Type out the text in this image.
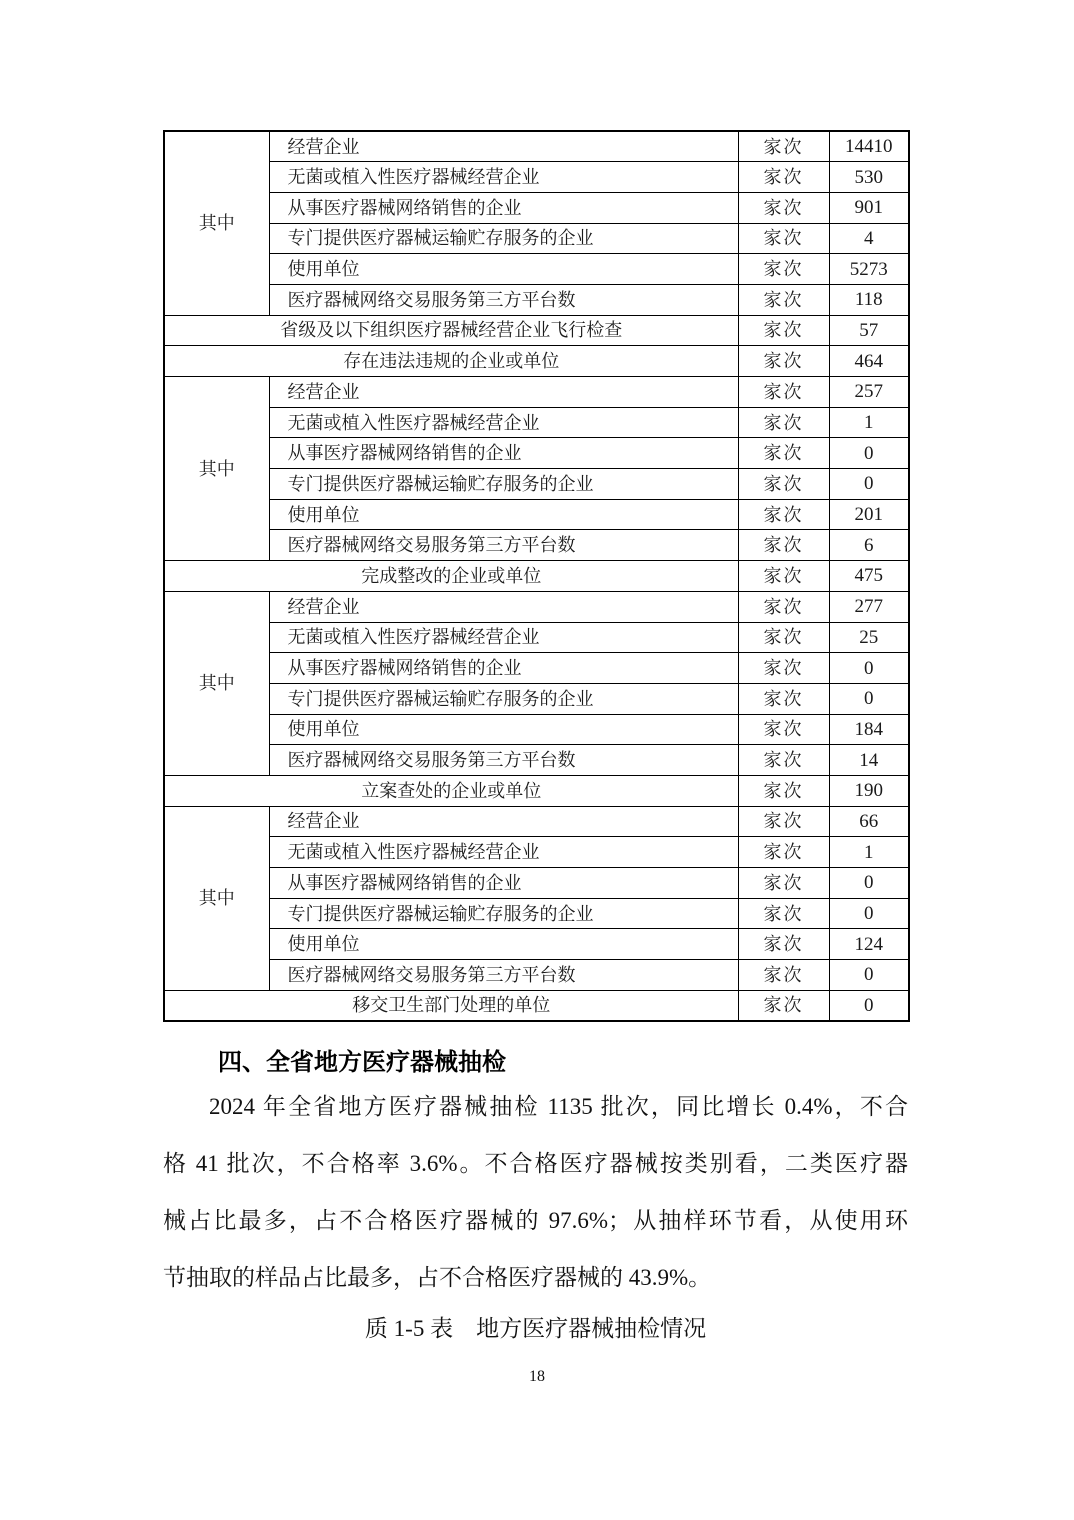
其中	经营企业	家次	14410
	无菌或植入性医疗器械经营企业	家次	530
	从事医疗器械网络销售的企业	家次	901
	专门提供医疗器械运输贮存服务的企业	家次	4
	使用单位	家次	5273
	医疗器械网络交易服务第三方平台数	家次	118
省级及以下组织医疗器械经营企业飞行检查		家次	57
存在违法违规的企业或单位		家次	464
其中	经营企业	家次	257
	无菌或植入性医疗器械经营企业	家次	1
	从事医疗器械网络销售的企业	家次	0
	专门提供医疗器械运输贮存服务的企业	家次	0
	使用单位	家次	201
	医疗器械网络交易服务第三方平台数	家次	6
完成整改的企业或单位		家次	475
其中	经营企业	家次	277
	无菌或植入性医疗器械经营企业	家次	25
	从事医疗器械网络销售的企业	家次	0
	专门提供医疗器械运输贮存服务的企业	家次	0
	使用单位	家次	184
	医疗器械网络交易服务第三方平台数	家次	14
立案查处的企业或单位		家次	190
其中	经营企业	家次	66
	无菌或植入性医疗器械经营企业	家次	1
	从事医疗器械网络销售的企业	家次	0
	专门提供医疗器械运输贮存服务的企业	家次	0
	使用单位	家次	124
	医疗器械网络交易服务第三方平台数	家次	0
移交卫生部门处理的单位		家次	0
四、全省地方医疗器械抽检
2024 年全省地方医疗器械抽检 1135 批次，同比增长 0.4%，不合
格 41 批次，不合格率 3.6%。不合格医疗器械按类别看，二类医疗器
械占比最多，占不合格医疗器械的 97.6%；从抽样环节看，从使用环
节抽取的样品占比最多，占不合格医疗器械的 43.9%。
质 1-5 表　地方医疗器械抽检情况
18
